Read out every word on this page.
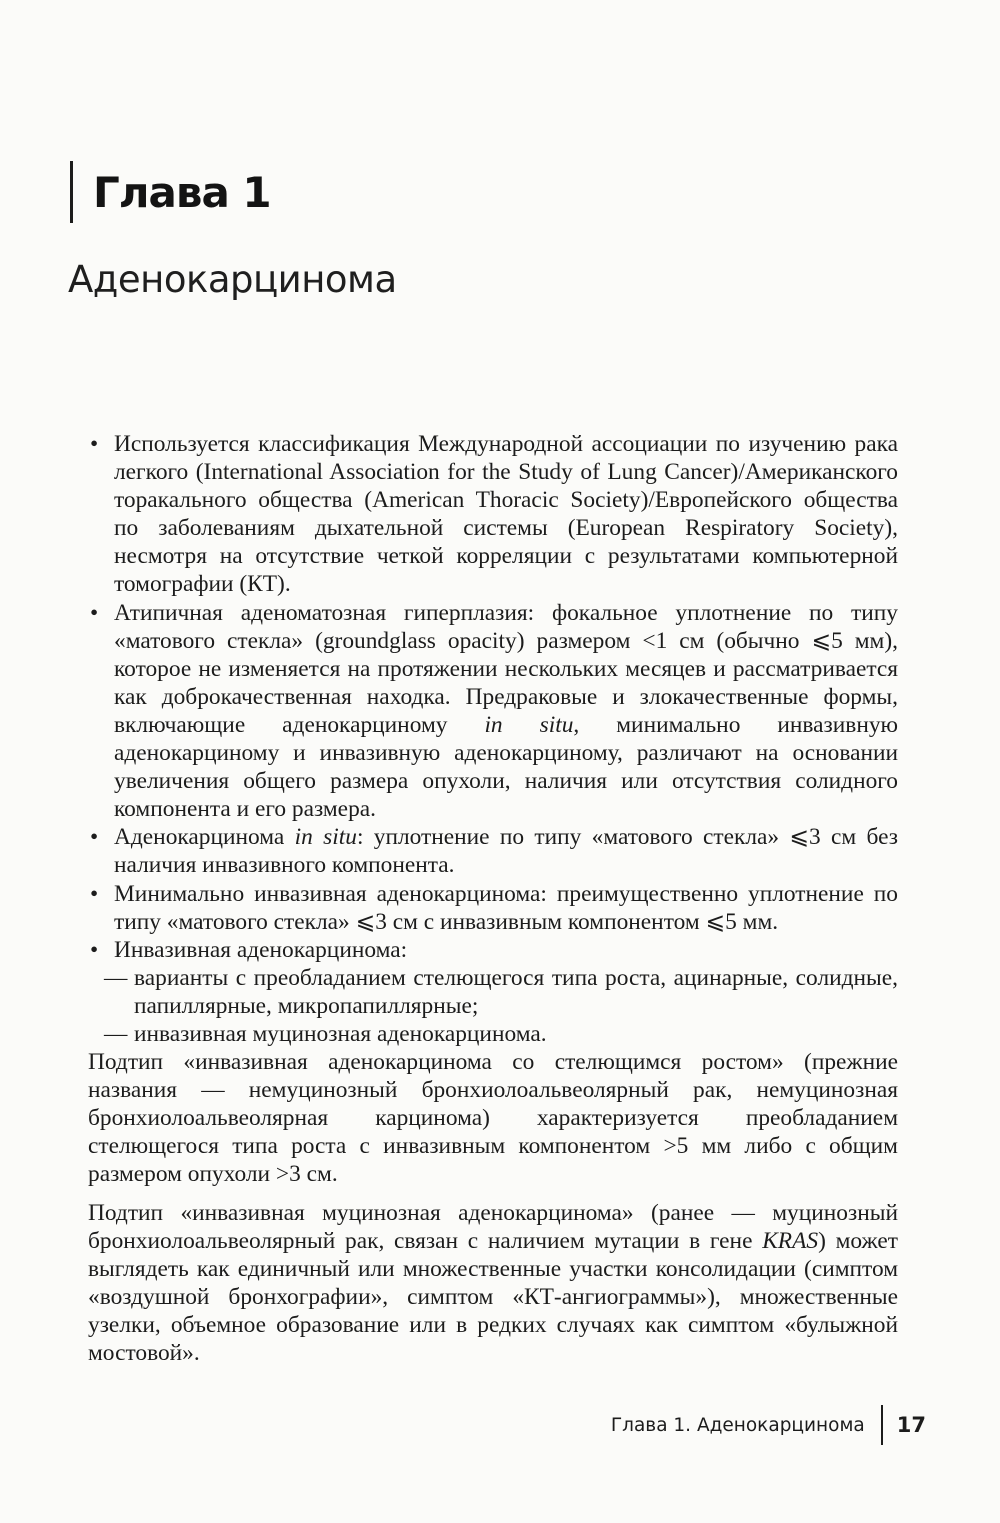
Глава 1
Аденокарцинома
• Используется классификация Международной ассоциации по изучению рака легкого (International Association for the Study of Lung Cancer)/Американского торакального общества (American Thoracic Society)/Европейского общества по заболеваниям дыхательной системы (European Respiratory Society), несмотря на отсутствие четкой корреляции с результатами компьютерной томографии (КТ).
• Атипичная аденоматозная гиперплазия: фокальное уплотнение по типу «матового стекла» (groundglass opacity) размером <1 см (обычно ⩽5 мм), которое не изменяется на протяжении нескольких месяцев и рассматривается как доброкачественная находка. Предраковые и злокачественные формы, включающие аденокарциному in situ, минимально инвазивную аденокарциному и инвазивную аденокарциному, различают на основании увеличения общего размера опухоли, наличия или отсутствия солидного компонента и его размера.
• Аденокарцинома in situ: уплотнение по типу «матового стекла» ⩽3 см без наличия инвазивного компонента.
• Минимально инвазивная аденокарцинома: преимущественно уплотнение по типу «матового стекла» ⩽3 см с инвазивным компонентом ⩽5 мм.
• Инвазивная аденокарцинома:
— варианты с преобладанием стелющегося типа роста, ацинарные, солидные, папиллярные, микропапиллярные;
— инвазивная муцинозная аденокарцинома.

Подтип «инвазивная аденокарцинома со стелющимся ростом» (прежние названия — немуцинозный бронхиолоальвеолярный рак, немуцинозная бронхиолоальвеолярная карцинома) характеризуется преобладанием стелющегося типа роста с инвазивным компонентом >5 мм либо с общим размером опухоли >3 см.

Подтип «инвазивная муцинозная аденокарцинома» (ранее — муцинозный бронхиолоальвеолярный рак, связан с наличием мутации в гене KRAS) может выглядеть как единичный или множественные участки консолидации (симптом «воздушной бронхографии», симптом «КТ-ангиограммы»), множественные узелки, объемное образование или в редких случаях как симптом «булыжной мостовой».

Глава 1. Аденокарцинома 17
